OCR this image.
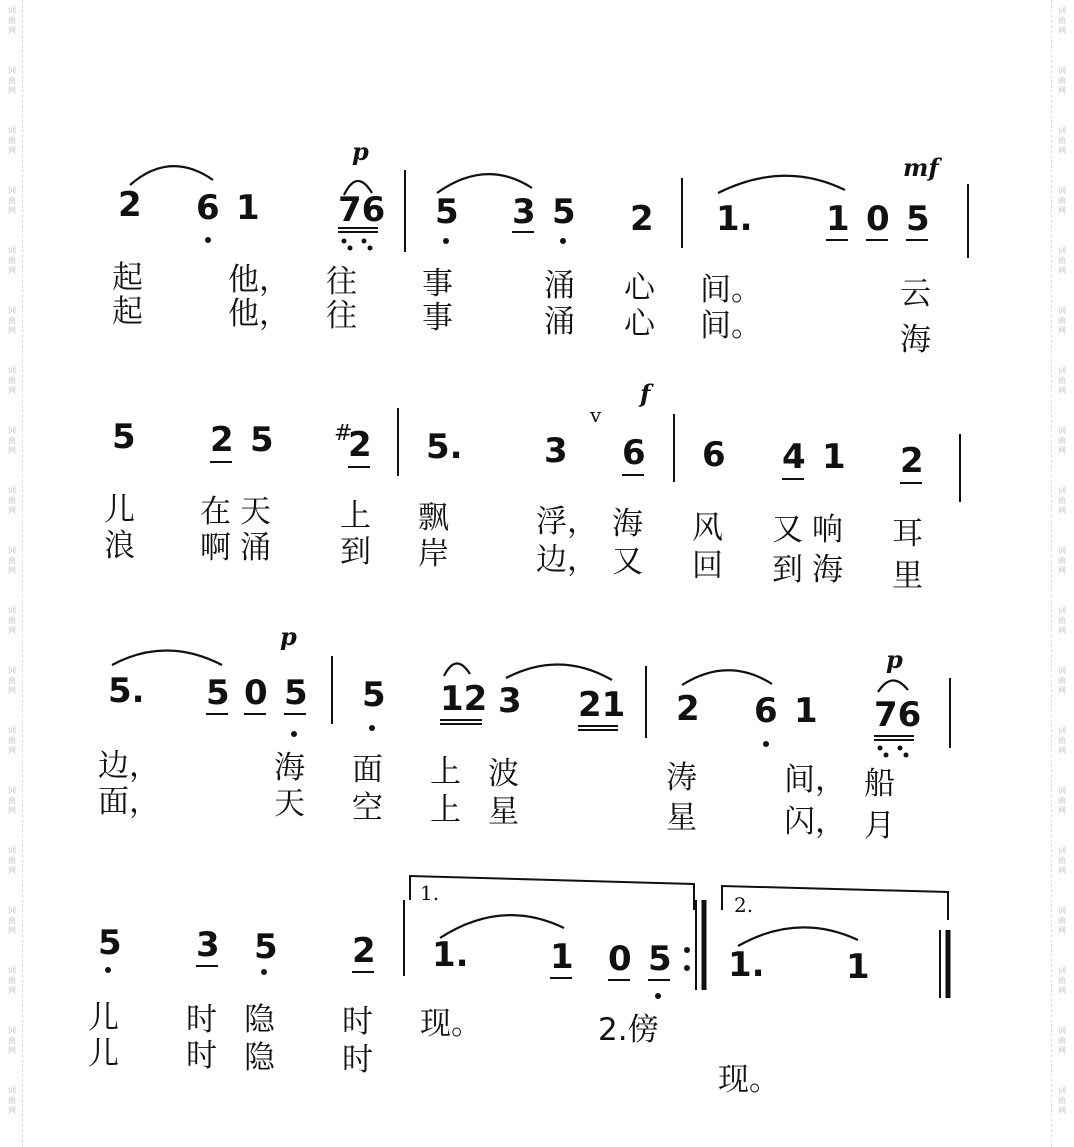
词
曲
网
词
曲
网
词
曲
网
词
曲
网
词
曲
网
词
曲
网
词
曲
网
词
曲
网
词
曲
网
词
曲
网
词
曲
网
词
曲
网
词
曲
网
词
曲
网
词
曲
网
词
曲
网
词
曲
网
词
曲
网
词
曲
网
词
曲
网
词
曲
网
词
曲
网
词
曲
网
词
曲
网
词
曲
网
词
曲
网
词
曲
网
词
曲
网
词
曲
网
词
曲
网
词
曲
网
词
曲
网
词
曲
网
词
曲
网
词
曲
网
词
曲
网
词
曲
网
词
曲
网
p
mf
2 6 1 76 5 3 5 2 1. 1 0 5
起	他， 往 事	涌 心 间。	云
起	他， 往 事	涌 心 间。	海
f
v
5 2 5	#
2 5. 3 6 6 4 1 2
儿 在 天 上 飘	浮， 海 风 又 响 耳
浪 啊 涌 到 岸	边， 又 回 到 海 里
p
p
5. 5 0 5 5 12 3 21 2 6 1 76
边，	海 面 上 波	涛	间， 船
面，	天 空 上 星	星	闪， 月
1.	2.
5 3 5 2 1. 1 0 5 1. 1
儿 时 隐 时 现。	2.傍
儿 时 隐 时
现。
